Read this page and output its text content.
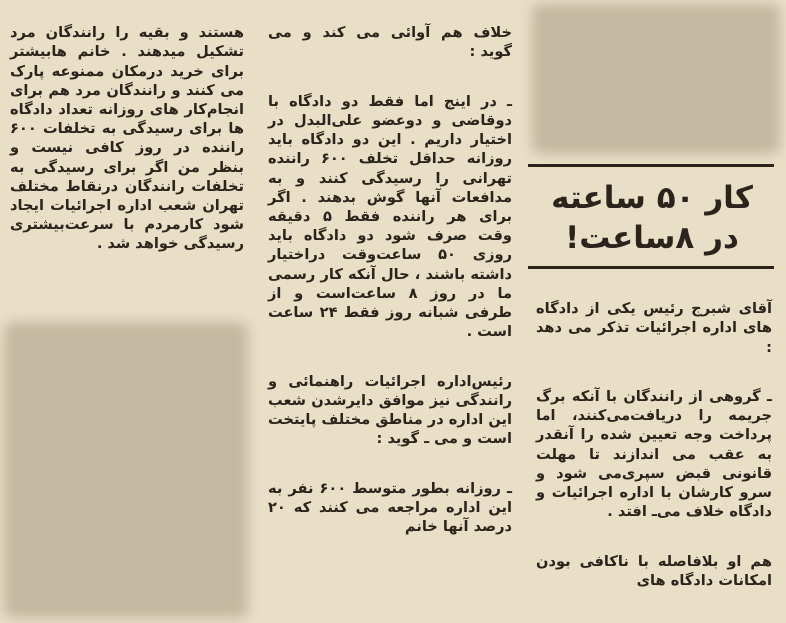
هستند و بقیه را رانندگان مرد تشکیل میدهند . خانم هابیشتر برای خرید درمکان ممنوعه پارک می کنند و رانندگان مرد هم برای انجام‌کار های روزانه تعداد دادگاه ها برای رسیدگی به تخلفات ۶۰۰ راننده در روز کافی نیست و بنظر من اگر برای رسیدگی به تخلفات رانندگان درنقاط مختلف تهران شعب اداره اجرائیات ایجاد شود کارمردم با سرعت‌بیشتری رسیدگی خواهد شد .

خلاف هم آوائی می کند و می گوید :

ـ در اینج اما فقط دو دادگاه با دوقاضی و دوعضو علی‌البدل در اختیار داریم . این دو دادگاه باید روزانه حداقل تخلف ۶۰۰ راننده تهرانی را رسیدگی کنند و به مدافعات آنها گوش بدهند . اگر برای هر راننده فقط ۵ دقیقه وقت صرف شود دو دادگاه باید روزی ۵۰ ساعت‌وقت دراختیار داشته باشند ، حال آنکه کار رسمی ما در روز ۸ ساعت‌است و از طرفی شبانه روز فقط ۲۴ ساعت است .

رئیس‌اداره اجرائیات راهنمائی و رانندگی نیز موافق دایرشدن شعب این اداره در مناطق مختلف پایتخت است و می ـ گوید :

ـ روزانه بطور متوسط ۶۰۰ نفر به این اداره مراجعه می کنند که ۲۰ درصد آنها خانم

کار ۵۰ ساعته در ۸ساعت!

آقای شبرج رئیس یکی از دادگاه های اداره اجرائیات تذکر می دهد :

ـ گروهی از رانندگان با آنکه برگ جریمه را دریافت‌می‌کنند، اما پرداخت وجه تعیین شده را آنقدر به عقب می اندازند تا مهلت قانونی قبض سپری‌می شود و سرو کارشان با اداره اجرائیات و دادگاه خلاف می‌ـ افتد .

هم او بلافاصله با ناکافی بودن امکانات دادگاه های
